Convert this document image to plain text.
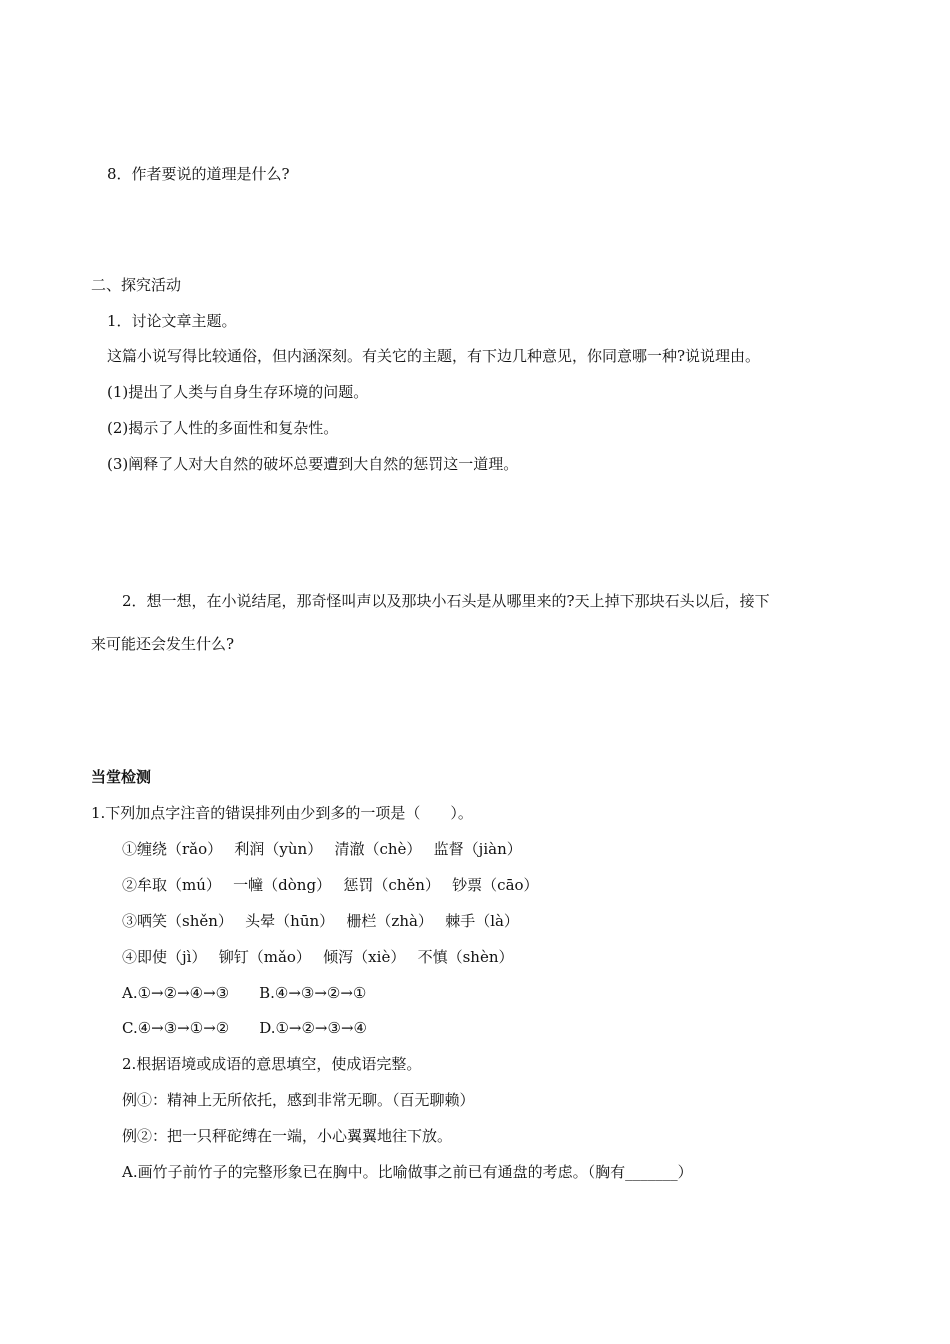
8．作者要说的道理是什么?
二、探究活动
1．讨论文章主题。
这篇小说写得比较通俗，但内涵深刻。有关它的主题，有下边几种意见，你同意哪一种?说说理由。
(1)提出了人类与自身生存环境的问题。
(2)揭示了人性的多面性和复杂性。
(3)阐释了人对大自然的破坏总要遭到大自然的惩罚这一道理。
2．想一想，在小说结尾，那奇怪叫声以及那块小石头是从哪里来的?天上掉下那块石头以后，接下
来可能还会发生什么?
当堂检测
1.下列加点字注音的错误排列由少到多的一项是（　　）。
①缠绕（rǎo）　 利润（yùn）　 清澈（chè）　 监督（jiàn）
②牟取（mú）　 一幢（dòng）　 惩罚（chěn）　 钞票（cāo）
③哂笑（shěn）　 头晕（hūn）　 栅栏（zhà）　 棘手（là）
④即使（jì）　 铆钉（mǎo）　 倾泻（xiè）　 不慎（shèn）
A.①→②→④→③　　B.④→③→②→①
C.④→③→①→②　　D.①→②→③→④
2.根据语境或成语的意思填空，使成语完整。
例①：精神上无所依托，感到非常无聊。（百无聊赖）
例②：把一只秤砣缚在一端，小心翼翼地往下放。
A.画竹子前竹子的完整形象已在胸中。比喻做事之前已有通盘的考虑。（胸有_______）
